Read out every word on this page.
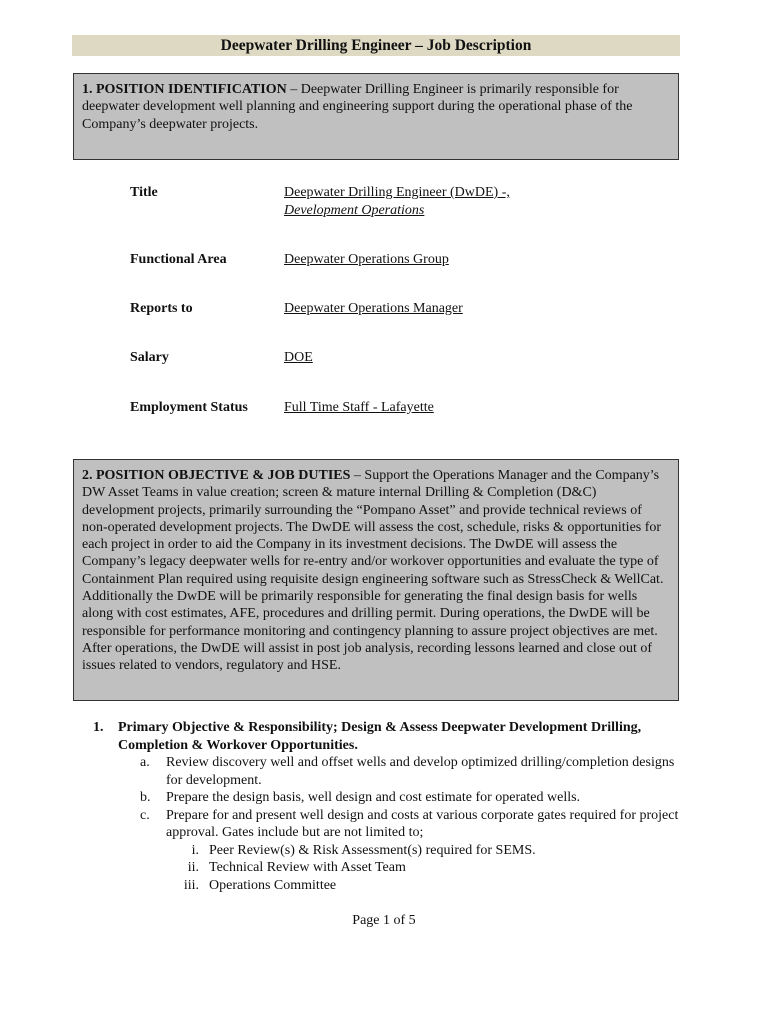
Deepwater Drilling Engineer – Job Description
1. POSITION IDENTIFICATION – Deepwater Drilling Engineer is primarily responsible for deepwater development well planning and engineering support during the operational phase of the Company’s deepwater projects.
Title	Deepwater Drilling Engineer (DwDE) -,
Development Operations
Functional Area	Deepwater Operations Group
Reports to	Deepwater Operations Manager
Salary	DOE
Employment Status	Full Time Staff - Lafayette
2. POSITION OBJECTIVE & JOB DUTIES – Support the Operations Manager and the Company’s DW Asset Teams in value creation; screen & mature internal Drilling & Completion (D&C) development projects, primarily surrounding the “Pompano Asset” and provide technical reviews of non-operated development projects. The DwDE will assess the cost, schedule, risks & opportunities for each project in order to aid the Company in its investment decisions. The DwDE will assess the Company’s legacy deepwater wells for re-entry and/or workover opportunities and evaluate the type of Containment Plan required using requisite design engineering software such as StressCheck & WellCat. Additionally the DwDE will be primarily responsible for generating the final design basis for wells along with cost estimates, AFE, procedures and drilling permit. During operations, the DwDE will be responsible for performance monitoring and contingency planning to assure project objectives are met. After operations, the DwDE will assist in post job analysis, recording lessons learned and close out of issues related to vendors, regulatory and HSE.
1. Primary Objective & Responsibility; Design & Assess Deepwater Development Drilling, Completion & Workover Opportunities.
a. Review discovery well and offset wells and develop optimized drilling/completion designs for development.
b. Prepare the design basis, well design and cost estimate for operated wells.
c. Prepare for and present well design and costs at various corporate gates required for project approval. Gates include but are not limited to;
i. Peer Review(s) & Risk Assessment(s) required for SEMS.
ii. Technical Review with Asset Team
iii. Operations Committee
Page 1 of 5
